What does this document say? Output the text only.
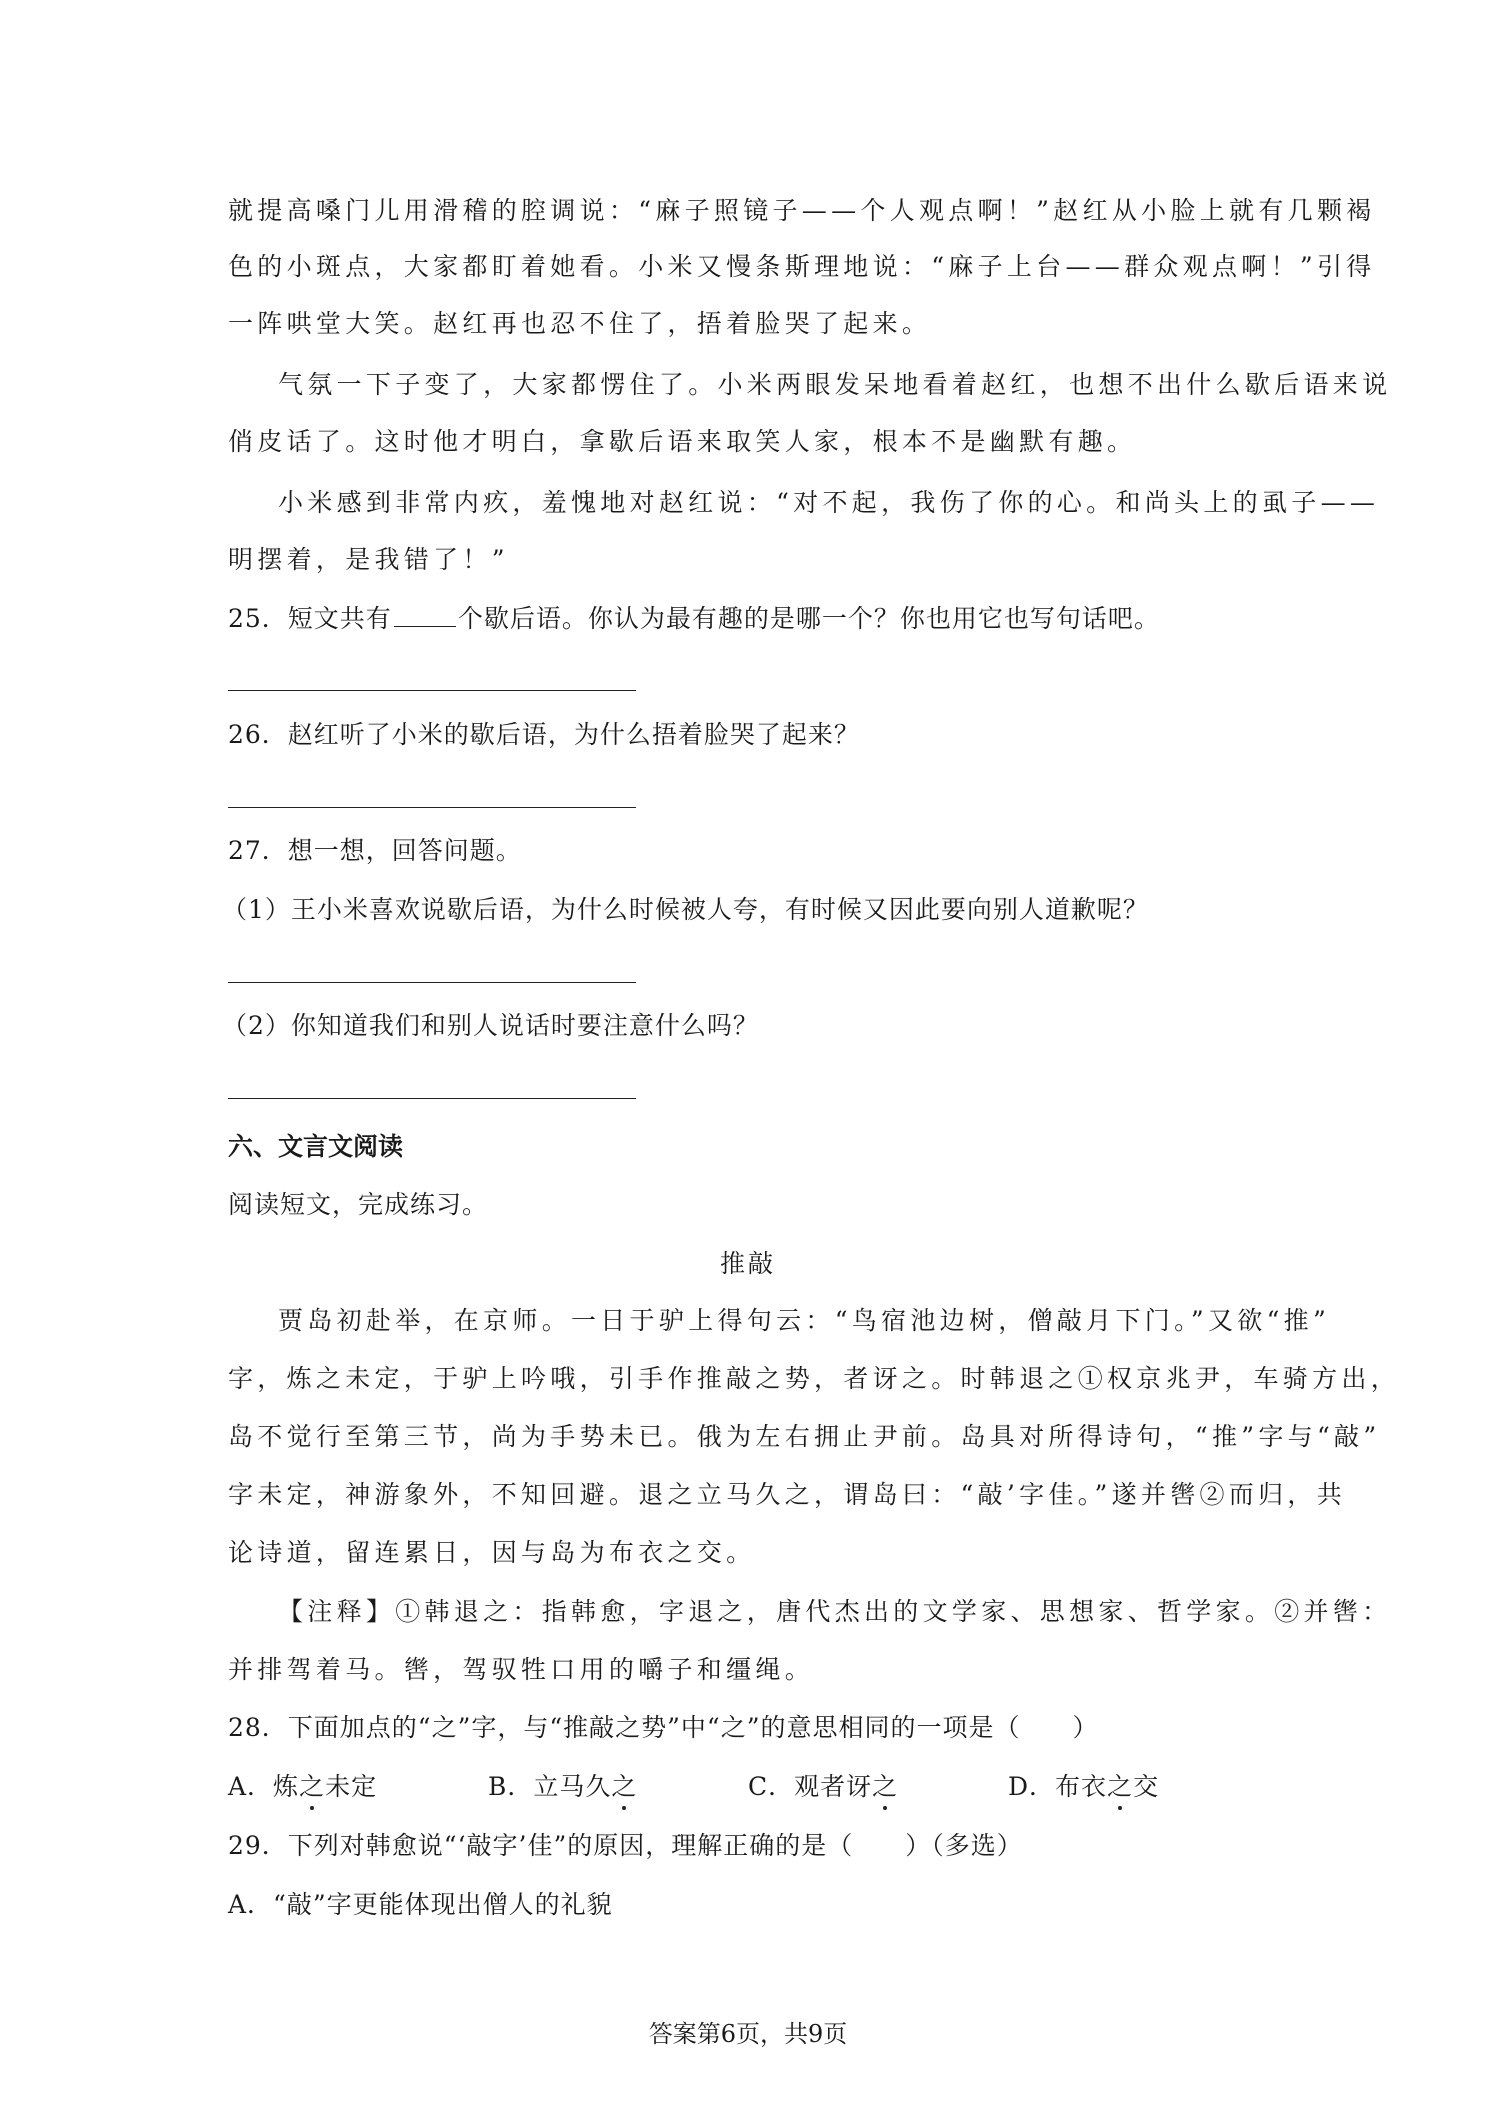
就提高嗓门儿用滑稽的腔调说：“麻子照镜子——个人观点啊！”赵红从小脸上就有几颗褐
色的小斑点，大家都盯着她看。小米又慢条斯理地说：“麻子上台——群众观点啊！”引得
一阵哄堂大笑。赵红再也忍不住了，捂着脸哭了起来。
气氛一下子变了，大家都愣住了。小米两眼发呆地看着赵红，也想不出什么歇后语来说
俏皮话了。这时他才明白，拿歇后语来取笑人家，根本不是幽默有趣。
小米感到非常内疚，羞愧地对赵红说：“对不起，我伤了你的心。和尚头上的虱子——
明摆着，是我错了！”
25．短文共有	个歇后语。你认为最有趣的是哪一个？你也用它也写句话吧。
26．赵红听了小米的歇后语，为什么捂着脸哭了起来？
27．想一想，回答问题。
（1）王小米喜欢说歇后语，为什么时候被人夸，有时候又因此要向别人道歉呢？
（2）你知道我们和别人说话时要注意什么吗？
六、文言文阅读
阅读短文，完成练习。
推敲
贾岛初赴举，在京师。一日于驴上得句云：“鸟宿池边树，僧敲月下门。”又欲“推”
字，炼之未定，于驴上吟哦，引手作推敲之势，者讶之。时韩退之①权京兆尹，车骑方出，
岛不觉行至第三节，尚为手势未已。俄为左右拥止尹前。岛具对所得诗句，“推”字与“敲”
字未定，神游象外，不知回避。退之立马久之，谓岛曰：“敲’字佳。”遂并辔②而归，共
论诗道，留连累日，因与岛为布衣之交。
【注释】①韩退之：指韩愈，字退之，唐代杰出的文学家、思想家、哲学家。②并辔：
并排驾着马。辔，驾驭牲口用的嚼子和缰绳。
28．下面加点的“之”字，与“推敲之势”中“之”的意思相同的一项是（　　）
A．炼之未定	B．立马久之	C．观者讶之	D．布衣之交
29．下列对韩愈说“‘敲字’佳”的原因，理解正确的是（　　）（多选）
A．“敲”字更能体现出僧人的礼貌
答案第6页，共9页
